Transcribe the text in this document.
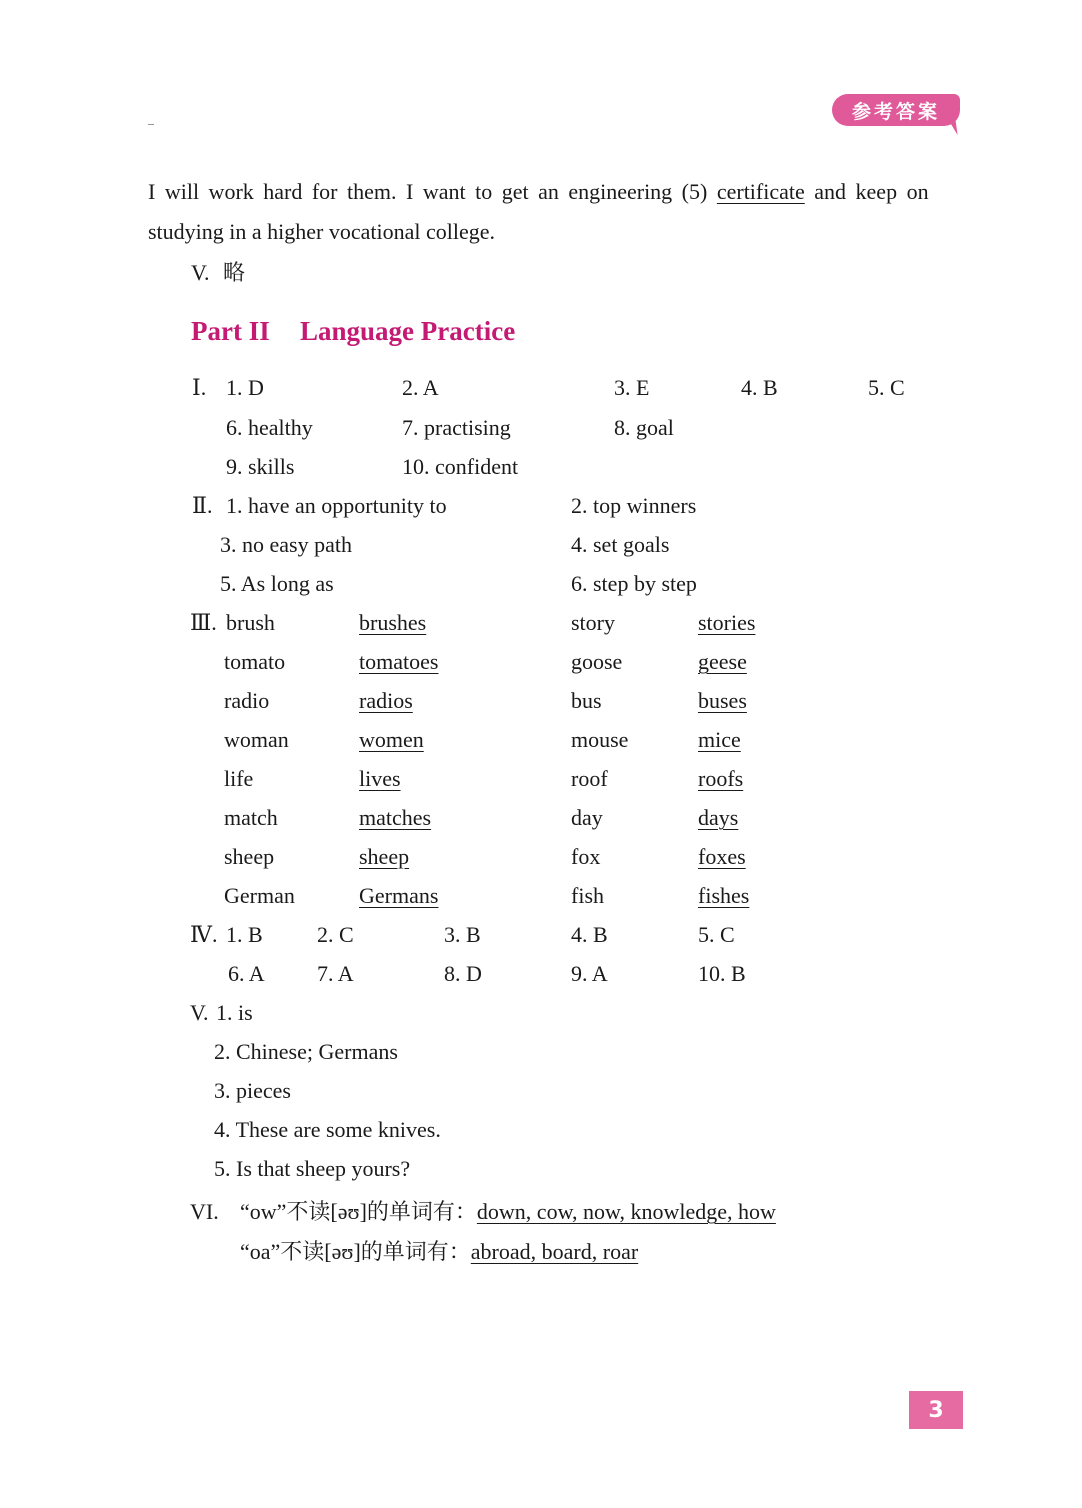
参考答案
I will work hard for them. I want to get an engineering (5) certificate and keep on
studying in a higher vocational college.
V. 略
Part II Language Practice
Ⅰ. 1. D	2. A	3. E	4. B	5. C
6. healthy	7. practising	8. goal
9. skills	10. confident
Ⅱ. 1. have an opportunity to	2. top winners
3. no easy path	4. set goals
5. As long as	6. step by step
Ⅲ. brush	brushes	story	stories
tomato	tomatoes	goose	geese
radio	radios	bus	buses
woman	women	mouse	mice
life	lives	roof	roofs
match	matches	day	days
sheep	sheep	fox	foxes
German	Germans	fish	fishes
Ⅳ. 1. B 2. C	3. B	4. B	5. C
6. A 7. A	8. D	9. A	10. B
V. 1. is
2. Chinese; Germans
3. pieces
4. These are some knives.
5. Is that sheep yours?
VI. “ow”不读[əʊ]的单词有：down, cow, now, knowledge, how
“oa”不读[əʊ]的单词有：abroad, board, roar
3
